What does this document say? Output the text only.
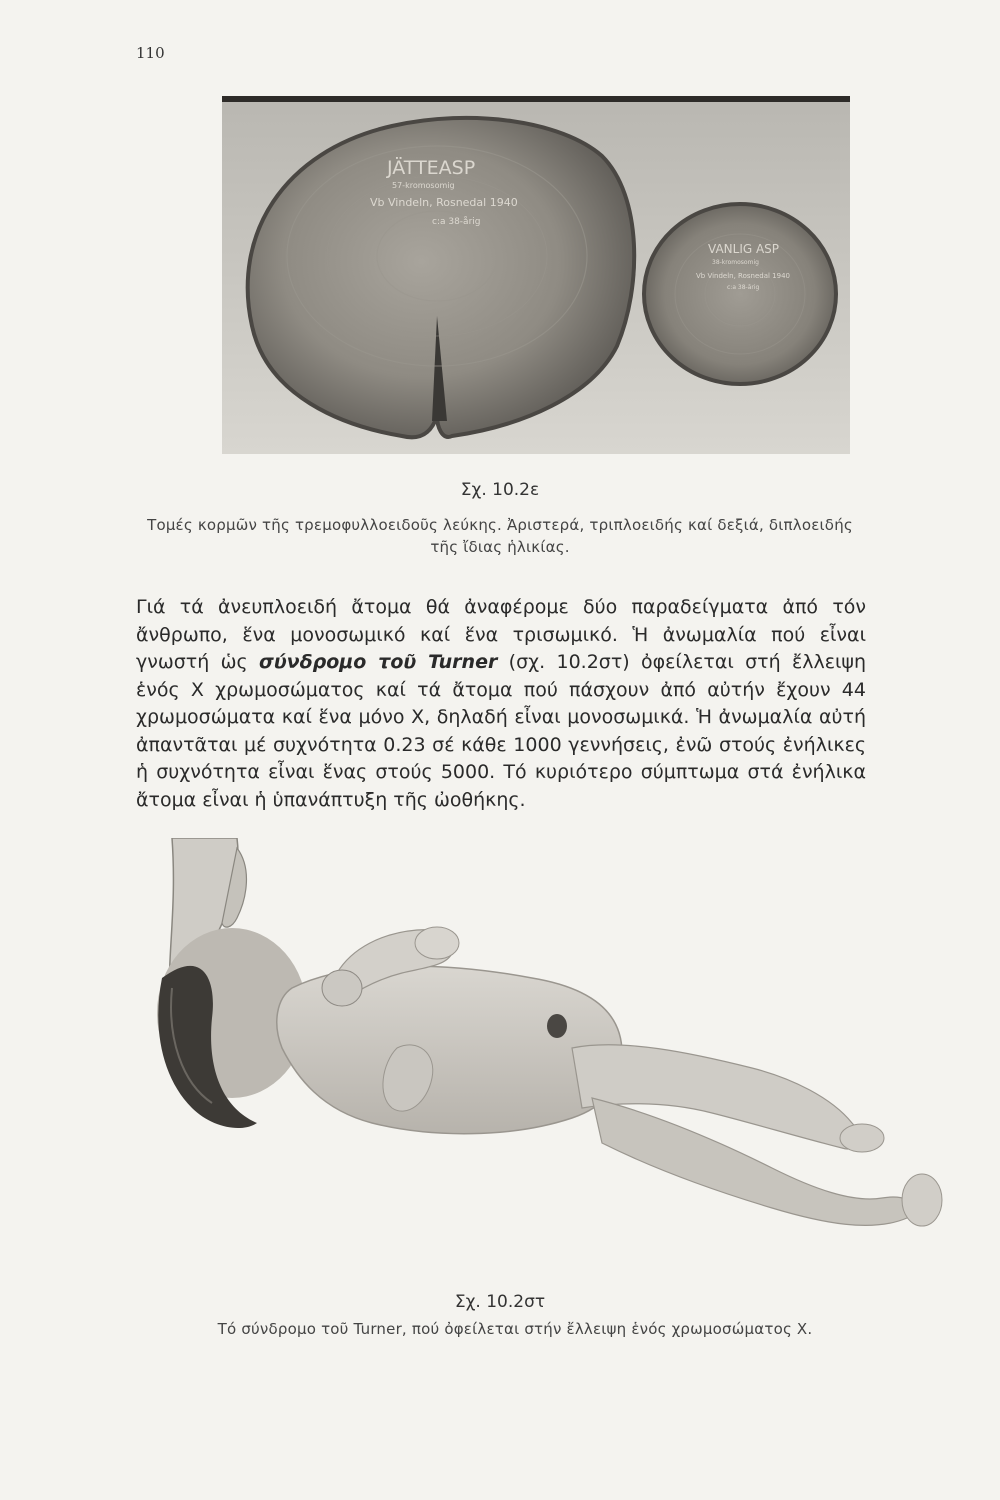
110
JÄTTEASP
57-kromosomig
Vb Vindeln, Rosnedal 1940
c:a 38-årig
VANLIG ASP
38-kromosomig
Vb Vindeln, Rosnedal 1940
c:a 38-årig
Σχ. 10.2ε
Τομές κορμῶν τῆς τρεμοφυλλοειδοῦς λεύκης. Ἀριστερά, τριπλοειδής καί δεξιά, διπλοειδής τῆς ἴδιας ἡλικίας.

Γιά τά ἀνευπλοειδή ἄτομα θά ἀναφέρομε δύο παραδείγματα ἀπό τόν ἄνθρωπο, ἕνα μονοσωμικό καί ἕνα τρισωμικό. Ἡ ἀνωμαλία πού εἶναι γνωστή ὡς σύνδρομο τοῦ Turner (σχ. 10.2στ) ὀφείλεται στή ἔλλειψη ἑνός X χρωμοσώματος καί τά ἄτομα πού πάσχουν ἀπό αὐτήν ἔχουν 44 χρωμοσώματα καί ἕνα μόνο X, δηλαδή εἶναι μονοσωμικά. Ἡ ἀνωμαλία αὐτή ἀπαντᾶται μέ συχνότητα 0.23 σέ κάθε 1000 γεννήσεις, ἐνῶ στούς ἐνήλικες ἡ συχνότητα εἶναι ἕνας στούς 5000. Τό κυριότερο σύμπτωμα στά ἐνήλικα ἄτομα εἶναι ἡ ὑπανάπτυξη τῆς ὠοθήκης.

Σχ. 10.2στ
Τό σύνδρομο τοῦ Turner, πού ὀφείλεται στήν ἔλλειψη ἑνός χρωμοσώματος X.
